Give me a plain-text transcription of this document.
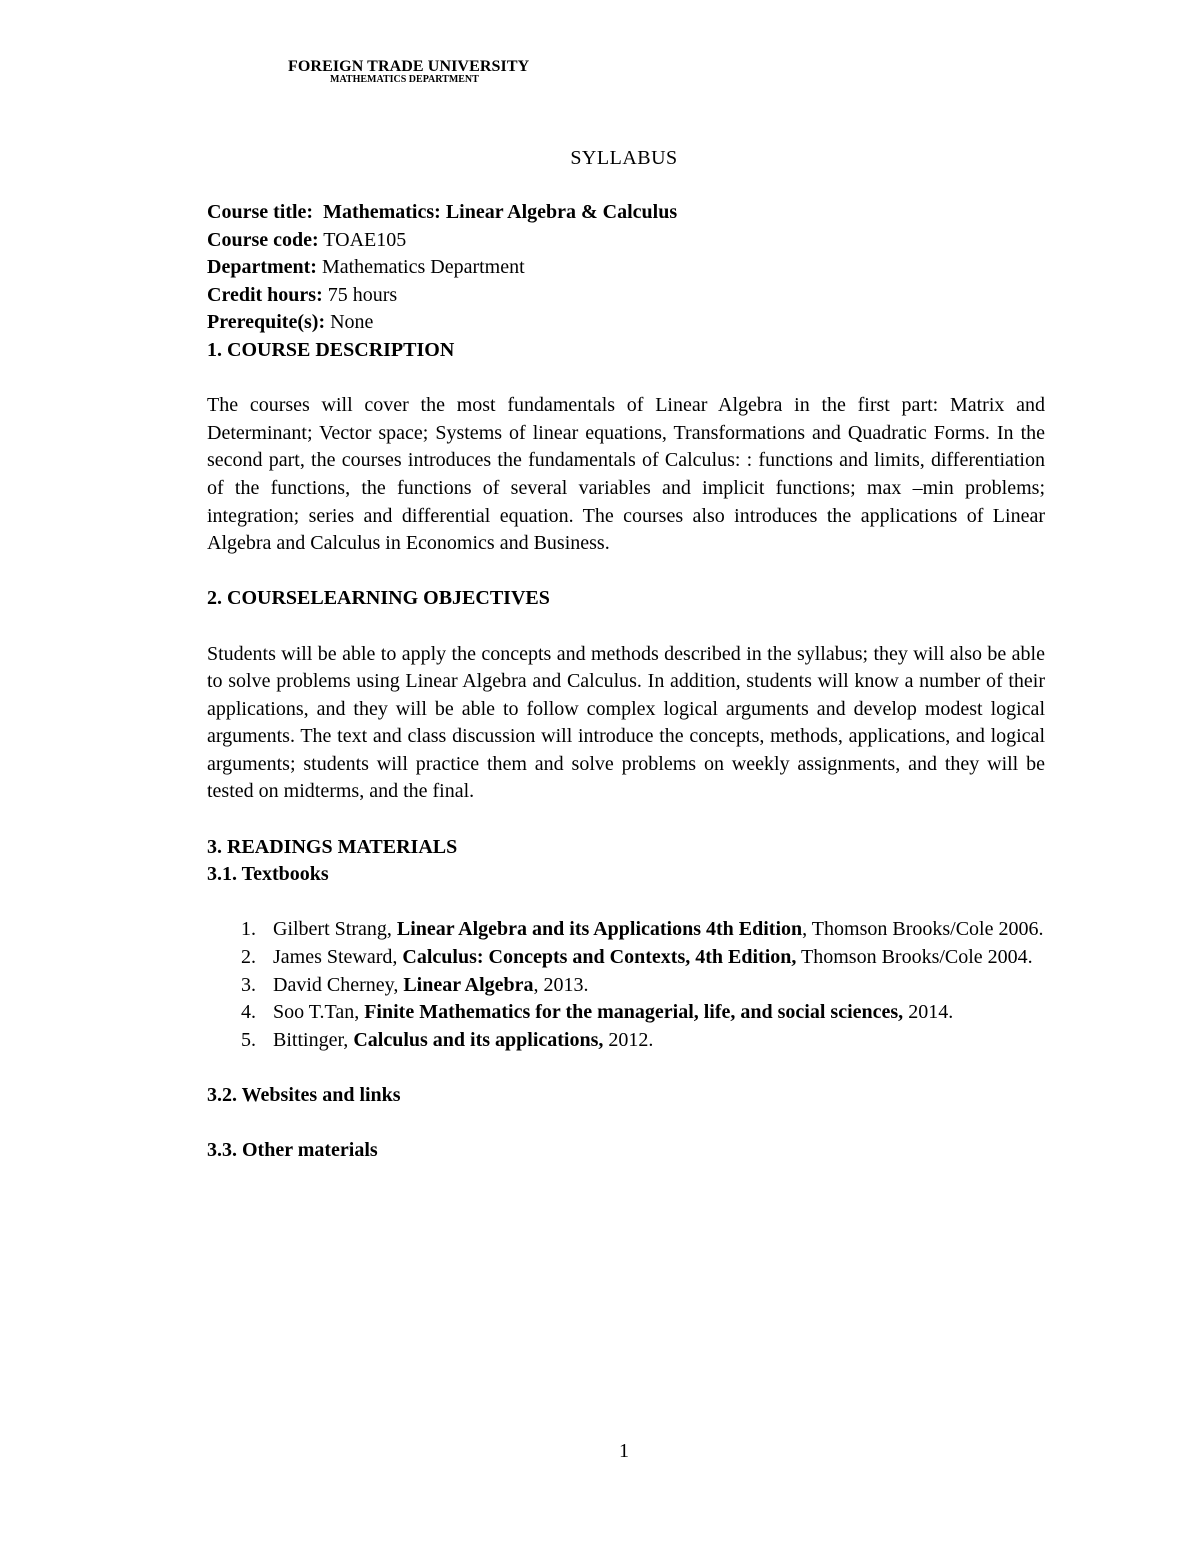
FOREIGN TRADE UNIVERSITY
MATHEMATICS DEPARTMENT
SYLLABUS
Course title: Mathematics: Linear Algebra & Calculus
Course code: TOAE105
Department: Mathematics Department
Credit hours: 75 hours
Prerequite(s): None
1. COURSE DESCRIPTION

The courses will cover the most fundamentals of Linear Algebra in the first part: Matrix and Determinant; Vector space; Systems of linear equations, Transformations and Quadratic Forms. In the second part, the courses introduces the fundamentals of Calculus: : functions and limits, differentiation of the functions, the functions of several variables and implicit functions; max –min problems; integration; series and differential equation. The courses also introduces the applications of Linear Algebra and Calculus in Economics and Business.

2. COURSELEARNING OBJECTIVES

Students will be able to apply the concepts and methods described in the syllabus; they will also be able to solve problems using Linear Algebra and Calculus. In addition, students will know a number of their applications, and they will be able to follow complex logical arguments and develop modest logical arguments. The text and class discussion will introduce the concepts, methods, applications, and logical arguments; students will practice them and solve problems on weekly assignments, and they will be tested on midterms, and the final.

3. READINGS MATERIALS
3.1. Textbooks
1. Gilbert Strang, Linear Algebra and its Applications 4th Edition, Thomson Brooks/Cole 2006.
2. James Steward, Calculus: Concepts and Contexts, 4th Edition, Thomson Brooks/Cole 2004.
3. David Cherney, Linear Algebra, 2013.
4. Soo T.Tan, Finite Mathematics for the managerial, life, and social sciences, 2014.
5. Bittinger, Calculus and its applications, 2012.
3.2. Websites and links
3.3. Other materials
1
